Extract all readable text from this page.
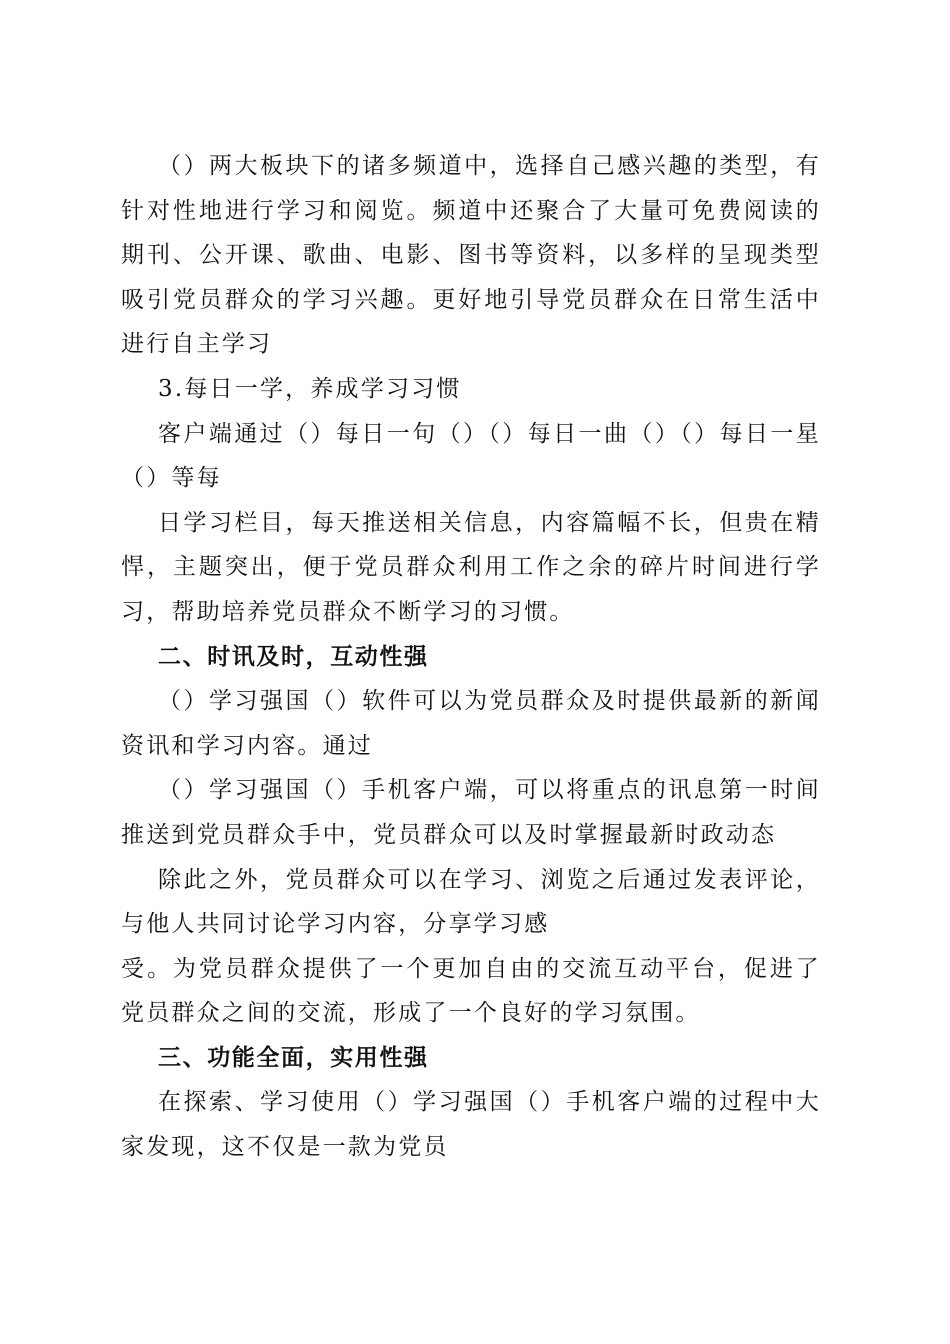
（）两大板块下的诸多频道中，选择自己感兴趣的类型，有针对性地进行学习和阅览。频道中还聚合了大量可免费阅读的期刊、公开课、歌曲、电影、图书等资料，以多样的呈现类型吸引党员群众的学习兴趣。更好地引导党员群众在日常生活中进行自主学习

3.每日一学，养成学习习惯

客户端通过（）每日一句（）（）每日一曲（）（）每日一星（）等每

日学习栏目，每天推送相关信息，内容篇幅不长，但贵在精悍，主题突出，便于党员群众利用工作之余的碎片时间进行学习，帮助培养党员群众不断学习的习惯。

二、时讯及时，互动性强

（）学习强国（）软件可以为党员群众及时提供最新的新闻资讯和学习内容。通过

（）学习强国（）手机客户端，可以将重点的讯息第一时间推送到党员群众手中，党员群众可以及时掌握最新时政动态

除此之外，党员群众可以在学习、浏览之后通过发表评论，与他人共同讨论学习内容，分享学习感

受。为党员群众提供了一个更加自由的交流互动平台，促进了党员群众之间的交流，形成了一个良好的学习氛围。

三、功能全面，实用性强

在探索、学习使用（）学习强国（）手机客户端的过程中大家发现，这不仅是一款为党员
